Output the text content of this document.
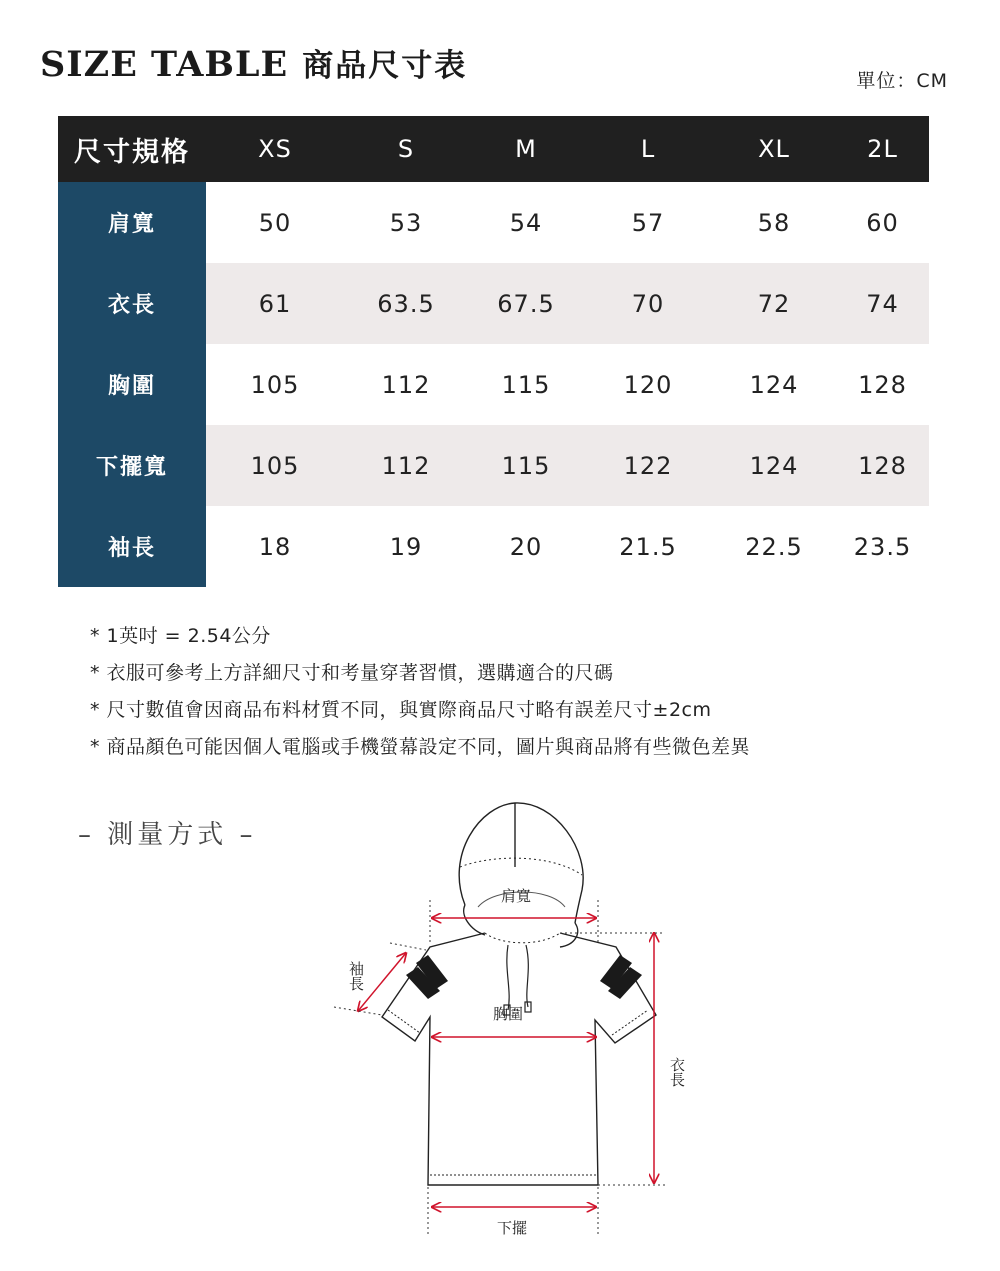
SIZE TABLE 商品尺寸表	單位：CM
尺寸規格	XS	S	M	L	XL	2L
肩寬	50	53	54	57	58	60
衣長	61	63.5	67.5	70	72	74
胸圍	105	112	115	120	124	128
下擺寬	105	112	115	122	124	128
袖長	18	19	20	21.5	22.5	23.5
* 1英吋 = 2.54公分
* 衣服可參考上方詳細尺寸和考量穿著習慣，選購適合的尺碼
* 尺寸數值會因商品布料材質不同，與實際商品尺寸略有誤差尺寸±2cm
* 商品顏色可能因個人電腦或手機螢幕設定不同，圖片與商品將有些微色差異
– 測量方式 –
肩寬
胸圍
下擺
袖長
衣長
